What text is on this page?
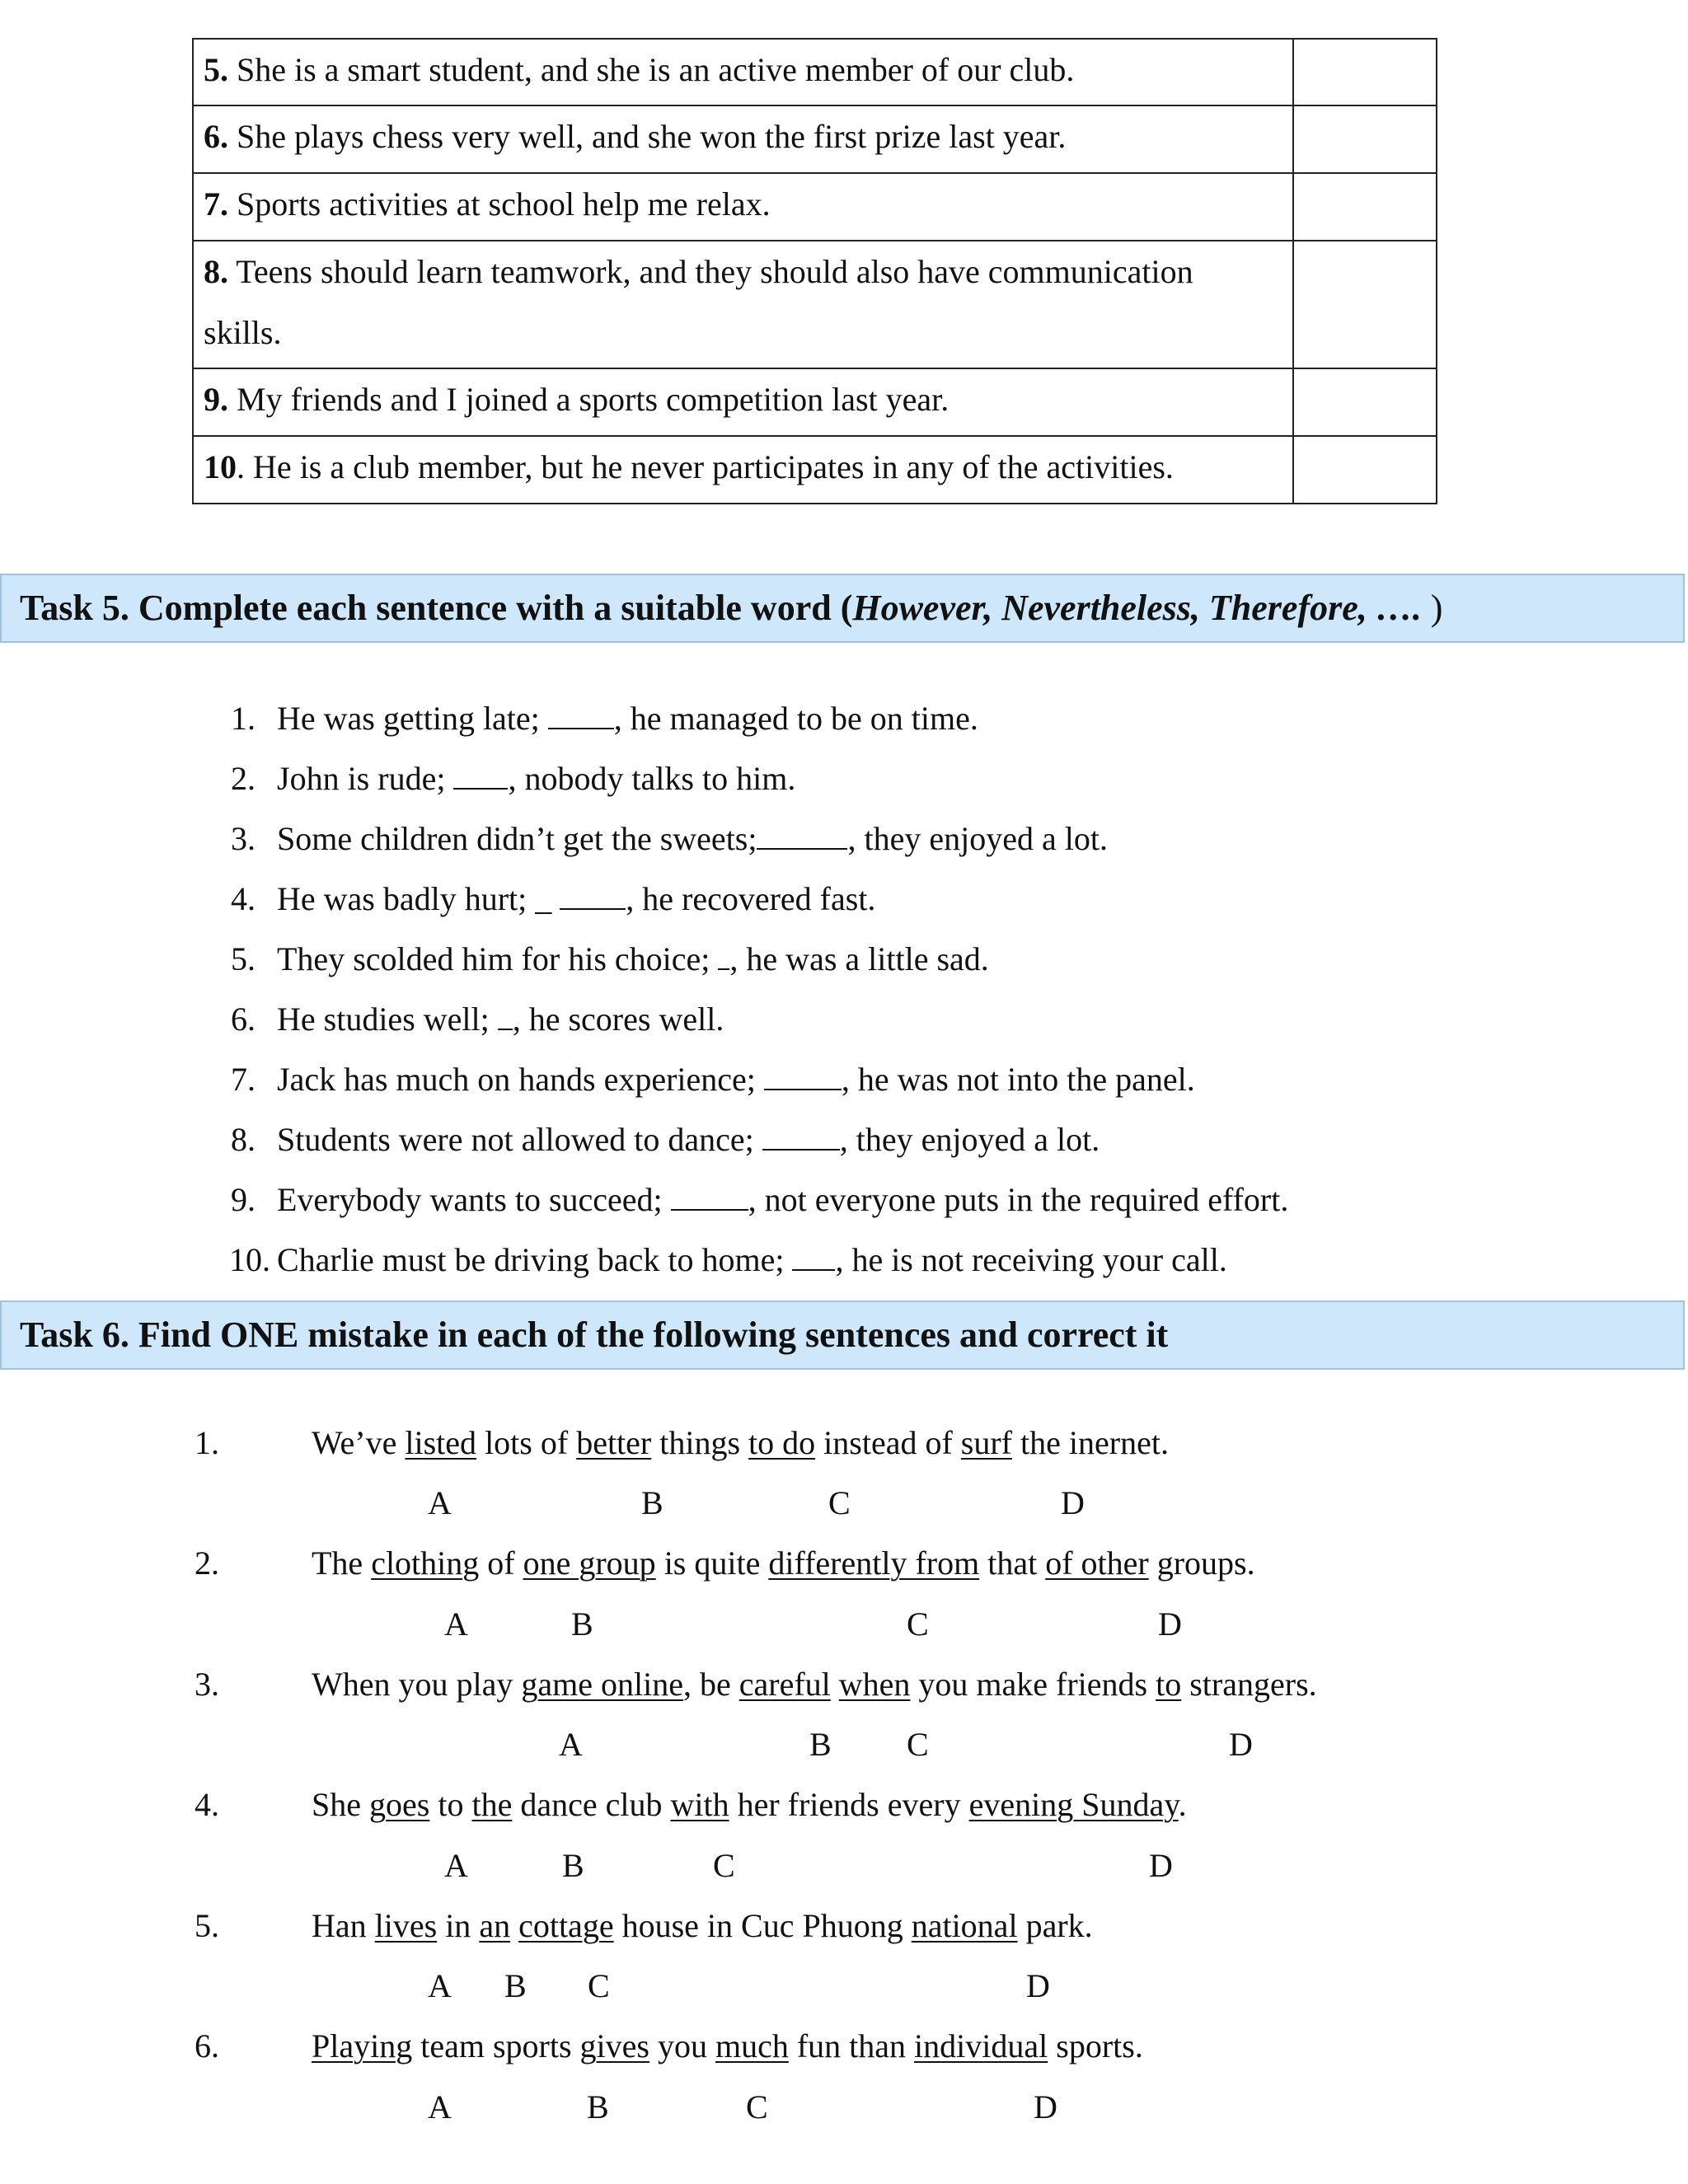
5. She is a smart student, and she is an active member of our club.	
6. She plays chess very well, and she won the first prize last year.	
7. Sports activities at school help me relax.	
8. Teens should learn teamwork, and they should also have communication
skills.	
9. My friends and I joined a sports competition last year.	
10. He is a club member, but he never participates in any of the activities.	
Task 5. Complete each sentence with a suitable word (However, Nevertheless, Therefore, …. )
1. He was getting late; , he managed to be on time.
2. John is rude; , nobody talks to him.
3. Some children didn’t get the sweets;	, they enjoyed a lot.
4. He was badly hurt; _ , he recovered fast.
5. They scolded him for his choice; , he was a little sad.
6. He studies well; , he scores well.
7. Jack has much on hands experience; , he was not into the panel.
8. Students were not allowed to dance; , they enjoyed a lot.
9. Everybody wants to succeed; , not everyone puts in the required effort.
10. Charlie must be driving back to home; , he is not receiving your call.
Task 6. Find ONE mistake in each of the following sentences and correct it
1.	We’ve listed lots of better things to do instead of surf the inernet.
A	B	C	D
2.	The clothing of one group is quite differently from that of other groups.
A	B	C	D
3.	When you play game online, be careful when you make friends to strangers.
A	B C	D
4.	She goes to the dance club with her friends every evening Sunday.
A	B	C	D
5.	Han lives in an cottage house in Cuc Phuong national park.
A B C	D
6.	Playing team sports gives you much fun than individual sports.
A	B	C	D
